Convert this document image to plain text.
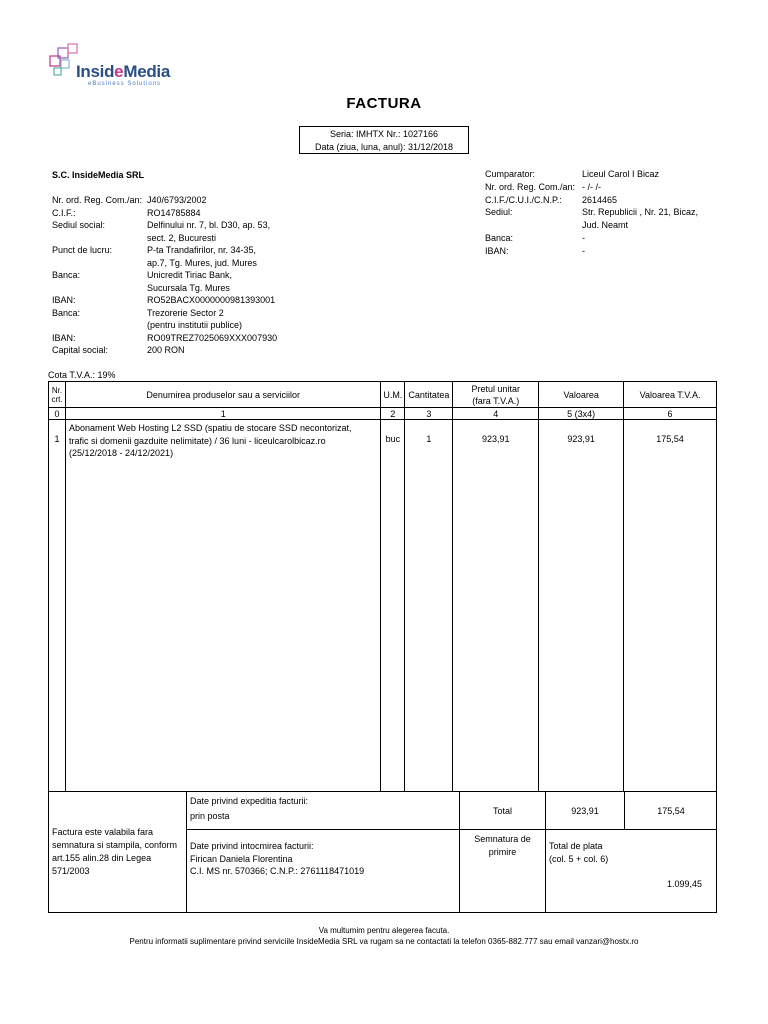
InsideMedia
eBusiness Solutions
FACTURA
Seria: IMHTX Nr.: 1027166
Data (ziua, luna, anul): 31/12/2018
S.C. InsideMedia SRL
Nr. ord. Reg. Com./an: J40/6793/2002
C.I.F.:	RO14785884
Sediul social:	Delfinului nr. 7, bl. D30, ap. 53,
sect. 2, Bucuresti
Punct de lucru:	P-ta Trandafirilor, nr. 34-35,
ap.7, Tg. Mures, jud. Mures
Banca:	Unicredit Tiriac Bank,
Sucursala Tg. Mures
IBAN:	RO52BACX0000000981393001
Banca:	Trezorerie Sector 2
(pentru institutii publice)
IBAN:	RO09TREZ7025069XXX007930
Capital social:	200 RON
Cumparator:	Liceul Carol I Bicaz
Nr. ord. Reg. Com./an: - /- /-
C.I.F./C.U.I./C.N.P.: 2614465
Sediul:	Str. Republicii , Nr. 21, Bicaz,
Jud. Neamt
Banca:	-
IBAN:	-
Cota T.V.A.: 19%
Nr.
crt.	Denumirea produselor sau a serviciilor	U.M.	Cantitatea	Pretul unitar
(fara T.V.A.)	Valoarea	Valoarea T.V.A.
0	1	2	3	4	5 (3x4)	6
1	Abonament Web Hosting L2 SSD (spatiu de stocare SSD necontorizat,
trafic si domenii gazduite nelimitate) / 36 luni - liceulcarolbicaz.ro
(25/12/2018 - 24/12/2021)	buc	1	923,91	923,91	175,54
Factura este valabila fara
semnatura si stampila, conform
art.155 alin.28 din Legea
571/2003
Date privind expeditia facturii:
prin posta
Date privind intocmirea facturii:
Firican Daniela Florentina
C.I. MS nr. 570366; C.N.P.: 2761118471019
Total	923,91	175,54
Semnatura de
primire
Total de plata
(col. 5 + col. 6)
1.099,45
Va multumim pentru alegerea facuta.
Pentru informatii suplimentare privind serviciile InsideMedia SRL va rugam sa ne contactati la telefon 0365-882.777 sau email vanzari@hostx.ro
